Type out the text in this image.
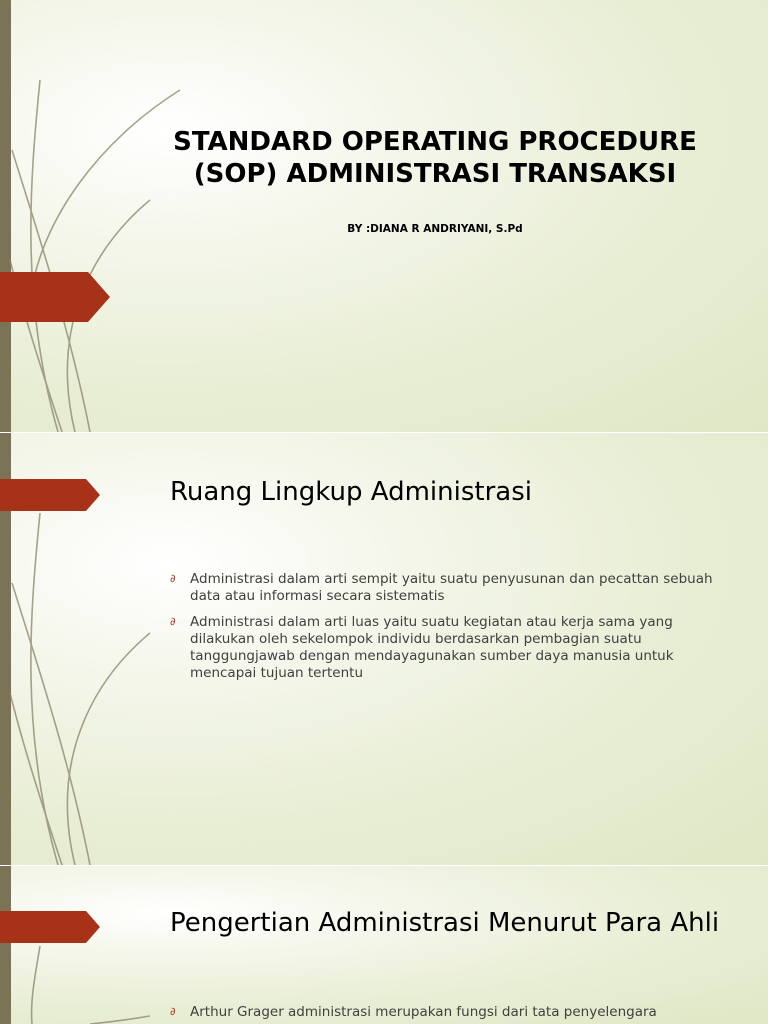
STANDARD OPERATING PROCEDURE (SOP) ADMINISTRASI TRANSAKSI
BY :DIANA R ANDRIYANI, S.Pd
Ruang Lingkup Administrasi
∂ Administrasi dalam arti sempit yaitu suatu penyusunan dan pecattan sebuah data atau informasi secara sistematis
∂ Administrasi dalam arti luas yaitu suatu kegiatan atau kerja sama yang dilakukan oleh sekelompok individu berdasarkan pembagian suatu tanggungjawab dengan mendayagunakan sumber daya manusia untuk mencapai tujuan tertentu
Pengertian Administrasi Menurut Para Ahli
∂ Arthur Grager administrasi merupakan fungsi dari tata penyelengara
